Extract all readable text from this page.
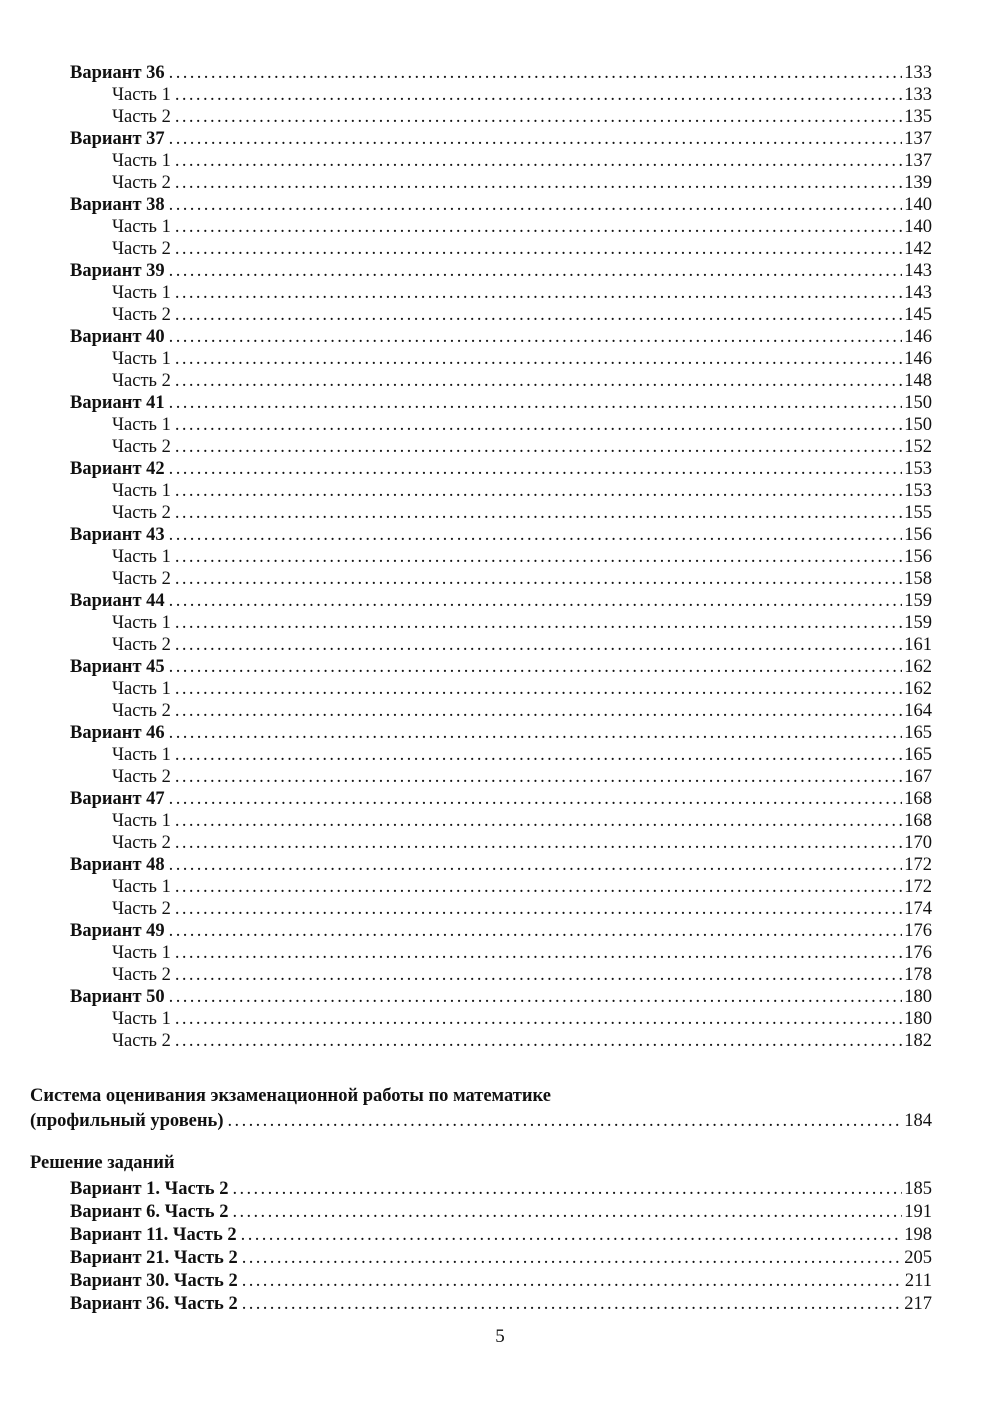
Вариант 36 .....	133
Часть 1 .....	133
Часть 2 .....	135
Вариант 37 .....	137
Часть 1 .....	137
Часть 2 .....	139
Вариант 38 .....	140
Часть 1 .....	140
Часть 2 .....	142
Вариант 39 .....	143
Часть 1 .....	143
Часть 2 .....	145
Вариант 40 .....	146
Часть 1 .....	146
Часть 2 .....	148
Вариант 41 .....	150
Часть 1 .....	150
Часть 2 .....	152
Вариант 42 .....	153
Часть 1 .....	153
Часть 2 .....	155
Вариант 43 .....	156
Часть 1 .....	156
Часть 2 .....	158
Вариант 44 .....	159
Часть 1 .....	159
Часть 2 .....	161
Вариант 45 .....	162
Часть 1 .....	162
Часть 2 .....	164
Вариант 46 .....	165
Часть 1 .....	165
Часть 2 .....	167
Вариант 47 .....	168
Часть 1 .....	168
Часть 2 .....	170
Вариант 48 .....	172
Часть 1 .....	172
Часть 2 .....	174
Вариант 49 .....	176
Часть 1 .....	176
Часть 2 .....	178
Вариант 50 .....	180
Часть 1 .....	180
Часть 2 .....	182
Система оценивания экзаменационной работы по математике
(профильный уровень) .....	184
Решение заданий
Вариант 1. Часть 2 .....	185
Вариант 6. Часть 2 .....	191
Вариант 11. Часть 2 .....	198
Вариант 21. Часть 2 .....	205
Вариант 30. Часть 2 .....	211
Вариант 36. Часть 2 .....	217
5
